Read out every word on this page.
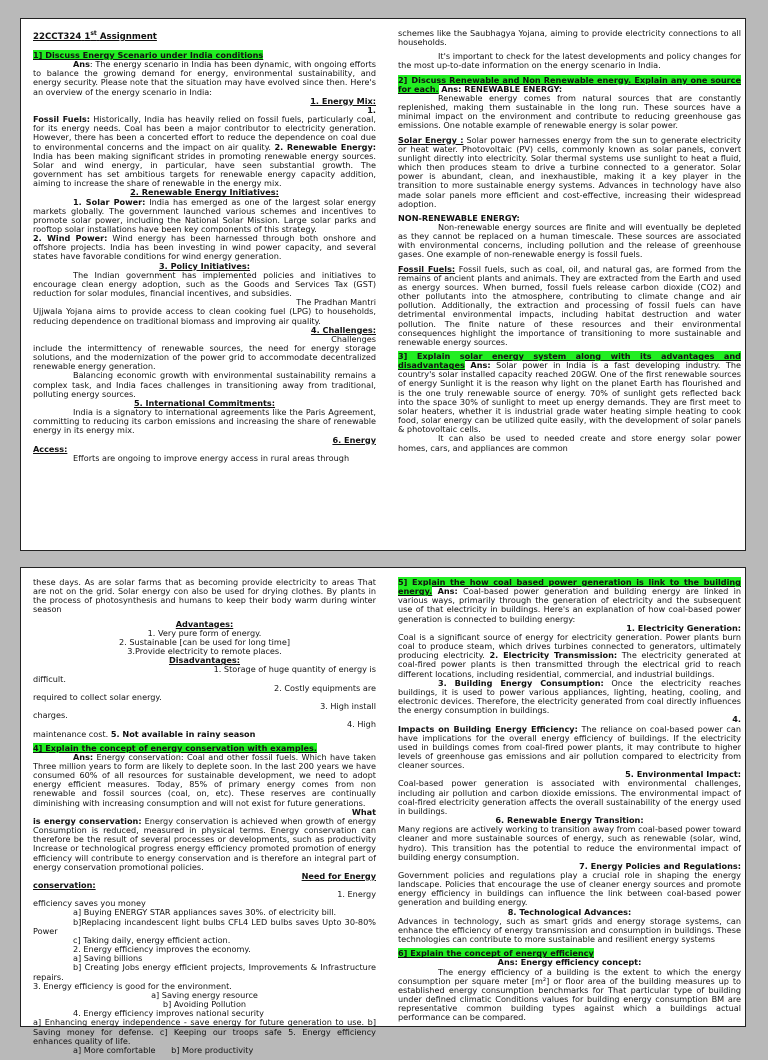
22CCT324 1st Assignment

1] Discuss Energy Scenario under India conditions

Ans: The energy scenario in India has been dynamic, with ongoing efforts to balance the growing demand for energy, environmental sustainability, and energy security. Please note that the situation may have evolved since then. Here's an overview of the energy scenario in India:
1. Energy Mix:
1.
Fossil Fuels: Historically, India has heavily relied on fossil fuels, particularly coal, for its energy needs. Coal has been a major contributor to electricity generation. However, there has been a concerted effort to reduce the dependence on coal due to environmental concerns and the impact on air quality. 2. Renewable Energy: India has been making significant strides in promoting renewable energy sources. Solar and wind energy, in particular, have seen substantial growth. The government has set ambitious targets for renewable energy capacity addition, aiming to increase the share of renewable in the energy mix.
2. Renewable Energy Initiatives:
1. Solar Power: India has emerged as one of the largest solar energy markets globally. The government launched various schemes and incentives to promote solar power, including the National Solar Mission. Large solar parks and rooftop solar installations have been key components of this strategy.
2. Wind Power: Wind energy has been harnessed through both onshore and offshore projects. India has been investing in wind power capacity, and several states have favorable conditions for wind energy generation.
3. Policy Initiatives:
The Indian government has implemented policies and initiatives to encourage clean energy adoption, such as the Goods and Services Tax (GST) reduction for solar modules, financial incentives, and subsidies.
The Pradhan Mantri
Ujjwala Yojana aims to provide access to clean cooking fuel (LPG) to households, reducing dependence on traditional biomass and improving air quality.
4. Challenges:
Challenges
include the intermittency of renewable sources, the need for energy storage solutions, and the modernization of the power grid to accommodate decentralized renewable energy generation.
Balancing economic growth with environmental sustainability remains a complex task, and India faces challenges in transitioning away from traditional, polluting energy sources.
5. International Commitments:
India is a signatory to international agreements like the Paris Agreement, committing to reducing its carbon emissions and increasing the share of renewable energy in its energy mix.
6. Energy
Access:
Efforts are ongoing to improve energy access in rural areas through

schemes like the Saubhagya Yojana, aiming to provide electricity connections to all households.

It's important to check for the latest developments and policy changes for the most up-to-date information on the energy scenario in India.

2]_Discuss Renewable and Non Renewable energy. Explain any one source for each. Ans: RENEWABLE ENERGY:

Renewable energy comes from natural sources that are constantly replenished, making them sustainable in the long run. These sources have a minimal impact on the environment and contribute to reducing greenhouse gas emissions. One notable example of renewable energy is solar power.

Solar Energy : Solar power harnesses energy from the sun to generate electricity or heat water. Photovoltaic (PV) cells, commonly known as solar panels, convert sunlight directly into electricity. Solar thermal systems use sunlight to heat a fluid, which then produces steam to drive a turbine connected to a generator. Solar power is abundant, clean, and inexhaustible, making it a key player in the transition to more sustainable energy systems. Advances in technology have also made solar panels more efficient and cost-effective, increasing their widespread adoption.

NON-RENEWABLE ENERGY:

Non-renewable energy sources are finite and will eventually be depleted as they cannot be replaced on a human timescale. These sources are associated with environmental concerns, including pollution and the release of greenhouse gases. One example of non-renewable energy is fossil fuels.

Fossil Fuels: Fossil fuels, such as coal, oil, and natural gas, are formed from the remains of ancient plants and animals. They are extracted from the Earth and used as energy sources. When burned, fossil fuels release carbon dioxide (CO2) and other pollutants into the atmosphere, contributing to climate change and air pollution. Additionally, the extraction and processing of fossil fuels can have detrimental environmental impacts, including habitat destruction and water pollution. The finite nature of these resources and their environmental consequences highlight the importance of transitioning to more sustainable and renewable energy sources.

3] Explain solar energy system along with its advantages and disadvantages Ans: Solar power in India is a fast developing industry. The country's solar installed capacity reached 20GW. One of the first renewable sources of energy Sunlight it is the reason why light on the planet Earth has flourished and is the one truly renewable source of energy. 70% of sunlight gets reflected back into the space 30% of sunlight to meet up energy demands. They are first meet to solar heaters, whether it is industrial grade water heating simple heating to cook food, solar energy can be utilized quite easily, with the development of solar panels & photovoltaic cells.
It can also be used to needed create and store energy solar power homes, cars, and appliances are common

these days. As are solar farms that as becoming provide electricity to areas That are not on the grid. Solar energy con also be used for drying clothes. By plants in the process of photosynthesis and humans to keep their body warm during winter season

Advantages:
1. Very pure form of energy.
2. Sustainable [can be used for long time]
3.Provide electricity to remote places.
Disadvantages:
1. Storage of huge quantity of energy is
difficult.
2. Costly equipments are
required to collect solar energy.
3. High install
charges.
4. High
maintenance cost. 5. Not available in rainy season

4] Explain the concept of energy conservation with examples.

Ans: Energy conservation: Coal and other fossil fuels. Which have taken Three million years to form are likely to deplete soon. In the last 200 years we have consumed 60% of all resources for sustainable development, we need to adopt energy efficient measures. Today, 85% of primary energy comes from non renewable and fossil sources (coal, on, etc). These reserves are continually diminishing with increasing consumption and will not exist for future generations.
What
is energy conservation: Energy conservation is achieved when growth of energy Consumption is reduced, measured in physical terms. Energy conservation can therefore be the result of several processes or developments, such as productivity Increase or technological progress energy efficiency promoted promotion of energy efficiency will contribute to energy conservation and is therefore an integral part of energy conservation promotional policies.
Need for Energy
conservation:
1. Energy
efficiency saves you money
a] Buying ENERGY STAR appliances saves 30%. of electricity bill.
b]Replacing incandescent light bulbs CFL4 LED bulbs saves Upto 30-80% Power
c] Taking daily, energy efficient action.
2. Energy efficiency improves the economy.
a] Saving billions
b] Creating Jobs energy efficient projects, Improvements & Infrastructure repairs.
3. Energy efficiency is good for the environment.
a] Saving energy resource
b] Avoiding Pollution
4. Energy efficiency improves national security
a] Enhancing energy independence - save energy for future generation to use. b] Saving money for defense. c] Keeping our troops safe 5. Energy efficiency enhances quality of life.
a] More comfortable b] More productivity

5] Explain the how coal based power generation is link to the building energy. Ans: Coal-based power generation and building energy are linked in various ways, primarily through the generation of electricity and the subsequent use of that electricity in buildings. Here's an explanation of how coal-based power generation is connected to building energy:
1. Electricity Generation:
Coal is a significant source of energy for electricity generation. Power plants burn coal to produce steam, which drives turbines connected to generators, ultimately producing electricity. 2. Electricity Transmission: The electricity generated at coal-fired power plants is then transmitted through the electrical grid to reach different locations, including residential, commercial, and industrial buildings.
3. Building Energy Consumption: Once the electricity reaches buildings, it is used to power various appliances, lighting, heating, cooling, and electronic devices. Therefore, the electricity generated from coal directly influences the energy consumption in buildings.
4.
Impacts on Building Energy Efficiency: The reliance on coal-based power can have implications for the overall energy efficiency of buildings. If the electricity used in buildings comes from coal-fired power plants, it may contribute to higher levels of greenhouse gas emissions and air pollution compared to electricity from cleaner sources.
5. Environmental Impact:
Coal-based power generation is associated with environmental challenges, including air pollution and carbon dioxide emissions. The environmental impact of coal-fired electricity generation affects the overall sustainability of the energy used in buildings.
6. Renewable Energy Transition:
Many regions are actively working to transition away from coal-based power toward cleaner and more sustainable sources of energy, such as renewable (solar, wind, hydro). This transition has the potential to reduce the environmental impact of building energy consumption.
7. Energy Policies and Regulations:
Government policies and regulations play a crucial role in shaping the energy landscape. Policies that encourage the use of cleaner energy sources and promote energy efficiency in buildings can influence the link between coal-based power generation and building energy.
8. Technological Advances:
Advances in technology, such as smart grids and energy storage systems, can enhance the efficiency of energy transmission and consumption in buildings. These technologies can contribute to more sustainable and resilient energy systems

6] Explain the concept of energy efficiency

Ans: Energy efficiency concept:
The energy efficiency of a building is the extent to which the energy consumption per square meter [m²] or floor area of the building measures up to established energy consumption benchmarks for That particular type of building under defined climatic Conditions values for building energy consumption BM are representative common building types against which a buildings actual performance can be compared.
